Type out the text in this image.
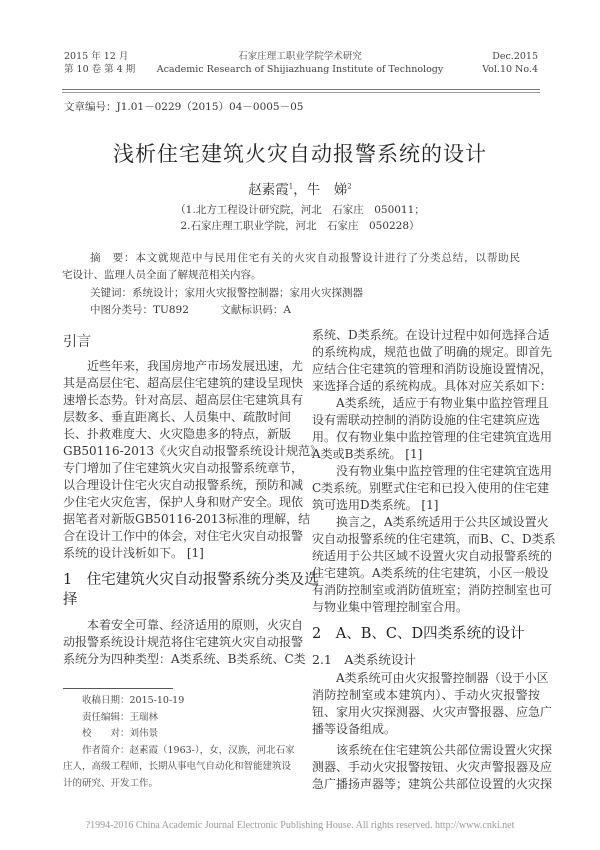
2015 年 12 月
第 10 卷 第 4 期
石家庄理工职业学院学术研究
Academic Research of Shijiazhuang Institute of Technology
Dec.2015
Vol.10 No.4
文章编号：J1.01－0229（2015）04－0005－05
浅析住宅建筑火灾自动报警系统的设计
赵素霞$^1$，牛　娣$^2$
（1.北方工程设计研究院，河北　石家庄　050011；
2.石家庄理工职业学院，河北　石家庄　050228）
摘　要：本文就规范中与民用住宅有关的火灾自动报警设计进行了分类总结，以帮助民
宅设计、监理人员全面了解规范相关内容。
关键词：系统设计；家用火灾报警控制器；家用火灾探测器
中图分类号：TU892　　　文献标识码：A
引言
近些年来，我国房地产市场发展迅速，尤
其是高层住宅、超高层住宅建筑的建设呈现快
速增长态势。针对高层、超高层住宅建筑具有
层数多、垂直距离长、人员集中、疏散时间
长、扑救难度大、火灾隐患多的特点，新版
GB50116-2013《火灾自动报警系统设计规范》
专门增加了住宅建筑火灾自动报警系统章节，
以合理设计住宅火灾自动报警系统，预防和减
少住宅火灾危害，保护人身和财产安全。现依
据笔者对新版GB50116-2013标准的理解，结
合在设计工作中的体会，对住宅火灾自动报警
系统的设计浅析如下。 [1]
1　住宅建筑火灾自动报警系统分类及选
择
本着安全可靠、经济适用的原则，火灾自
动报警系统设计规范将住宅建筑火灾自动报警
系统分为四种类型：A类系统、B类系统、C类
收稿日期：2015-10-19
责任编辑：王瑞林
校　　对：刘伟景
作者简介：赵素霞（1963-），女，汉族，河北石家
庄人，高级工程师，长期从事电气自动化和智能建筑设
计的研究、开发工作。
系统、D类系统。在设计过程中如何选择合适
的系统构成，规范也做了明确的规定。即首先
应结合住宅建筑的管理和消防设施设置情况，
来选择合适的系统构成。具体对应关系如下：
A类系统，适应于有物业集中监控管理且
设有需联动控制的消防设施的住宅建筑应选
用。仅有物业集中监控管理的住宅建筑宜选用
A类或B类系统。 [1]
没有物业集中监控管理的住宅建筑宜选用
C类系统。别墅式住宅和已投入使用的住宅建
筑可选用D类系统。 [1]
换言之，A类系统适用于公共区域设置火
灾自动报警系统的住宅建筑，而B、C、D类系
统适用于公共区域不设置火灾自动报警系统的
住宅建筑。A类系统的住宅建筑，小区一般设
有消防控制室或消防值班室；消防控制室也可
与物业集中管理控制室合用。
2　A、B、C、D四类系统的设计
2.1　A类系统设计
A类系统可由火灾报警控制器（设于小区
消防控制室或本建筑内）、手动火灾报警按
钮、家用火灾探测器、火灾声警报器、应急广
播等设备组成。
该系统在住宅建筑公共部位需设置火灾探
测器、手动火灾报警按钮、火灾声警报器及应
急广播扬声器等；建筑公共部位设置的火灾探
?1994-2016 China Academic Journal Electronic Publishing House. All rights reserved. http://www.cnki.net
